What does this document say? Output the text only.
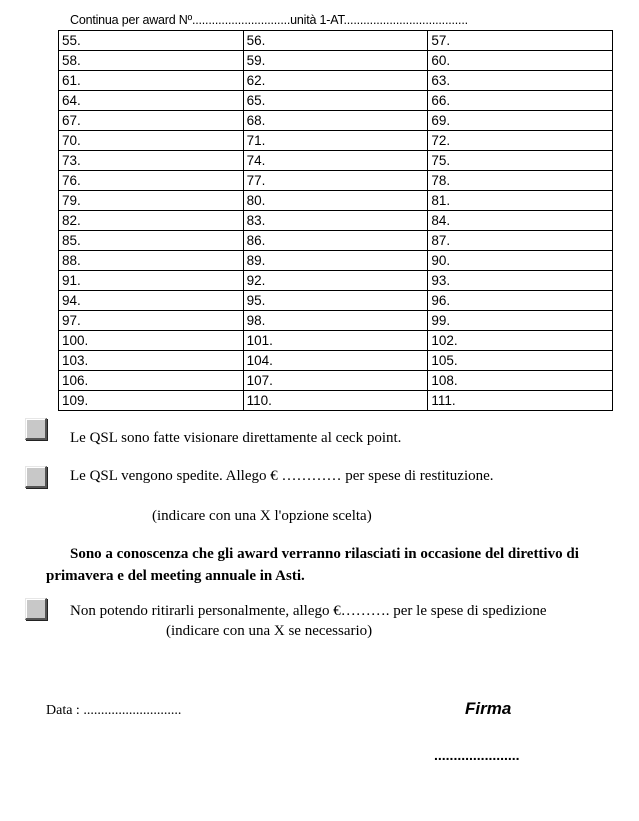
Continua per award Nº..............................unità 1-AT......................................
55.	56.	57.
58.	59.	60.
61.	62.	63.
64.	65.	66.
67.	68.	69.
70.	71.	72.
73.	74.	75.
76.	77.	78.
79.	80.	81.
82.	83.	84.
85.	86.	87.
88.	89.	90.
91.	92.	93.
94.	95.	96.
97.	98.	99.
100.	101.	102.
103.	104.	105.
106.	107.	108.
109.	110.	111.
Le QSL sono fatte visionare direttamente al ceck point.
Le QSL vengono spedite. Allego € ………… per spese di restituzione.
(indicare con una X l'opzione scelta)
Sono a conoscenza che gli award verranno rilasciati in occasione del direttivo di primavera e del meeting annuale in Asti.
Non potendo ritirarli personalmente, allego €………. per le spese di spedizione
(indicare con una X se necessario)
Data : ............................	Firma
......................
